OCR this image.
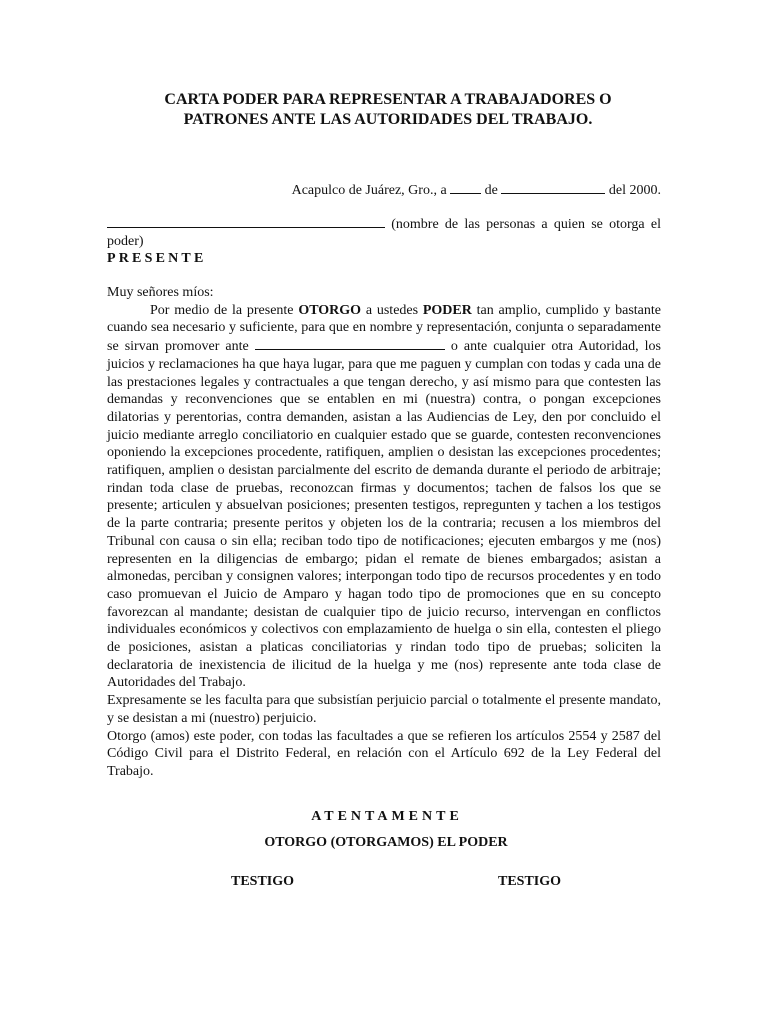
CARTA PODER PARA REPRESENTAR A TRABAJADORES O
PATRONES ANTE LAS AUTORIDADES DEL TRABAJO.
Acapulco de Juárez, Gro., a  de	del 2000.
(nombre de las personas a quien se otorga el poder)
PRESENTE
Muy señores míos:

Por medio de la presente OTORGO a ustedes PODER tan amplio, cumplido y bastante cuando sea necesario y suficiente, para que en nombre y representación, conjunta o separadamente se sirvan promover ante	o ante cualquier otra Autoridad, los juicios y reclamaciones ha que haya lugar, para que me paguen y cumplan con todas y cada una de las prestaciones legales y contractuales a que tengan derecho, y así mismo para que contesten las demandas y reconvenciones que se entablen en mi (nuestra) contra, o pongan excepciones dilatorias y perentorias, contra demanden, asistan a las Audiencias de Ley, den por concluido el juicio mediante arreglo conciliatorio en cualquier estado que se guarde, contesten reconvenciones oponiendo la excepciones procedente, ratifiquen, amplien o desistan las excepciones procedentes; ratifiquen, amplien o desistan parcialmente del escrito de demanda durante el periodo de arbitraje; rindan toda clase de pruebas, reconozcan firmas y documentos; tachen de falsos los que se presente; articulen y absuelvan posiciones; presenten testigos, repregunten y tachen a los testigos de la parte contraria; presente peritos y objeten los de la contraria; recusen a los miembros del Tribunal con causa o sin ella; reciban todo tipo de notificaciones; ejecuten embargos y me (nos) representen en la diligencias de embargo; pidan el remate de bienes embargados; asistan a almonedas, perciban y consignen valores; interpongan todo tipo de recursos procedentes y en todo caso promuevan el Juicio de Amparo y hagan todo tipo de promociones que en su concepto favorezcan al mandante; desistan de cualquier tipo de juicio recurso, intervengan en conflictos individuales económicos y colectivos con emplazamiento de huelga o sin ella, contesten el pliego de posiciones, asistan a platicas conciliatorias y rindan todo tipo de pruebas; soliciten la declaratoria de inexistencia de ilicitud de la huelga y me (nos) represente ante toda clase de Autoridades del Trabajo.

Expresamente se les faculta para que subsistían perjuicio parcial o totalmente el presente mandato, y se desistan a mi (nuestro) perjuicio.

Otorgo (amos) este poder, con todas las facultades a que se refieren los artículos 2554 y 2587 del Código Civil para el Distrito Federal, en relación con el Artículo 692 de la Ley Federal del Trabajo.

ATENTAMENTE
OTORGO (OTORGAMOS) EL PODER
TESTIGO	TESTIGO
